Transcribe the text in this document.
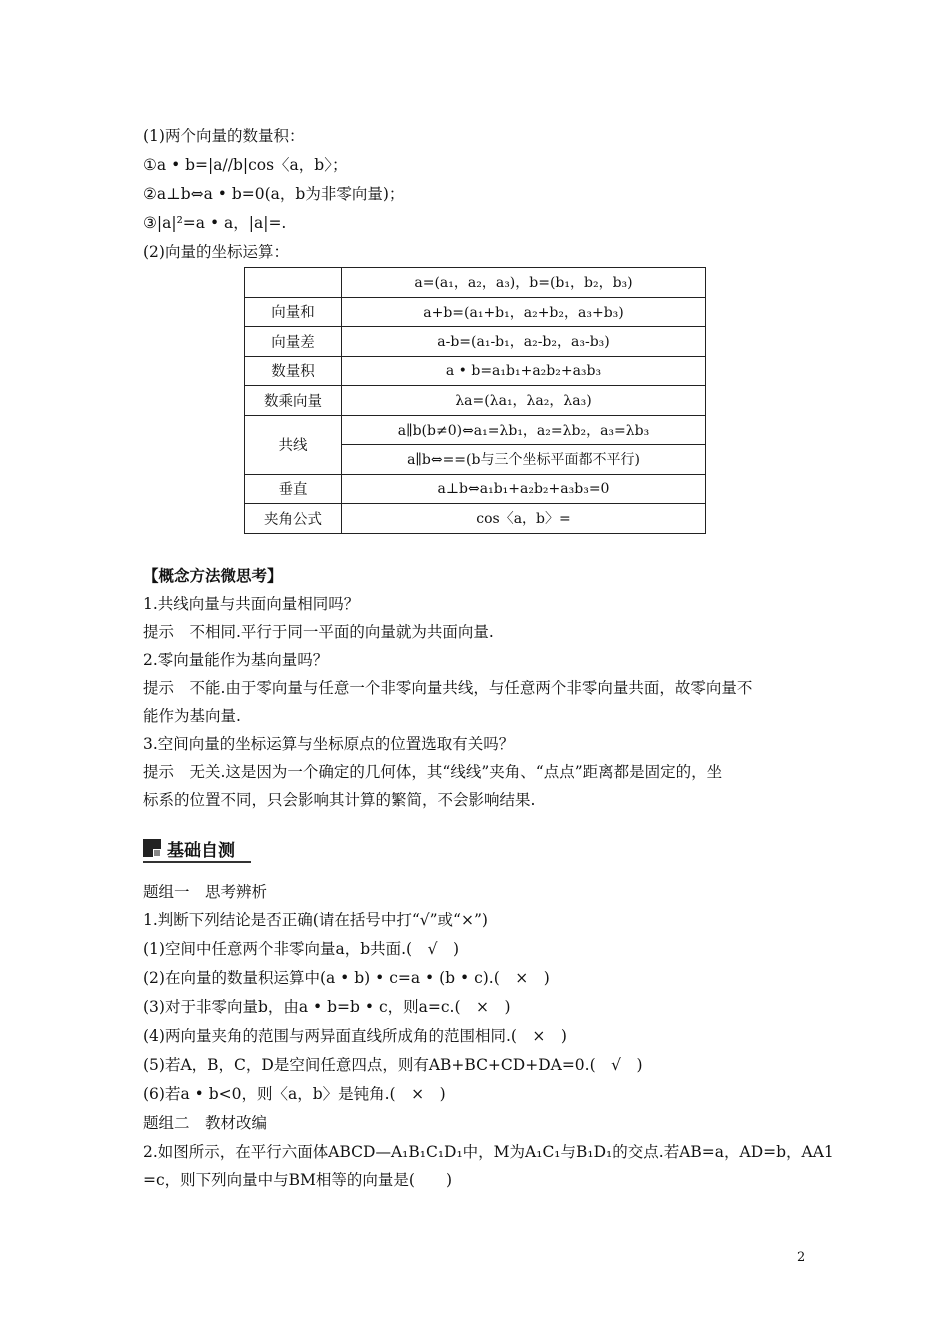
(1)两个向量的数量积：
①a • b=|a//b|cos〈a，b〉；
②a⊥b⇔a • b=0(a，b为非零向量)；
③|a|²=a • a，|a|=.
(2)向量的坐标运算：
	a=(a₁，a₂，a₃)，b=(b₁，b₂，b₃)
向量和	a+b=(a₁+b₁，a₂+b₂，a₃+b₃)
向量差	a-b=(a₁-b₁，a₂-b₂，a₃-b₃)
数量积	a • b=a₁b₁+a₂b₂+a₃b₃
数乘向量	λa=(λa₁，λa₂，λa₃)
共线	a∥b(b≠0)⇔a₁=λb₁，a₂=λb₂，a₃=λb₃
	a∥b⇔==(b与三个坐标平面都不平行)
垂直	a⊥b⇔a₁b₁+a₂b₂+a₃b₃=0
夹角公式	cos〈a，b〉=
【概念方法微思考】
1.共线向量与共面向量相同吗？
提示　不相同.平行于同一平面的向量就为共面向量.
2.零向量能作为基向量吗？
提示　不能.由于零向量与任意一个非零向量共线，与任意两个非零向量共面，故零向量不
能作为基向量.
3.空间向量的坐标运算与坐标原点的位置选取有关吗？
提示　无关.这是因为一个确定的几何体，其“线线”夹角、“点点”距离都是固定的，坐
标系的位置不同，只会影响其计算的繁简，不会影响结果.
基础自测
题组一　思考辨析
1.判断下列结论是否正确(请在括号中打“√”或“×”)
(1)空间中任意两个非零向量a，b共面.(　√　)
(2)在向量的数量积运算中(a • b) • c=a • (b • c).(　×　)
(3)对于非零向量b，由a • b=b • c，则a=c.(　×　)
(4)两向量夹角的范围与两异面直线所成角的范围相同.(　×　)
(5)若A，B，C，D是空间任意四点，则有AB+BC+CD+DA=0.(　√　)
(6)若a • b<0，则〈a，b〉是钝角.(　×　)
题组二　教材改编
2.如图所示，在平行六面体ABCD—A₁B₁C₁D₁中，M为A₁C₁与B₁D₁的交点.若AB=a，AD=b，AA1
=c，则下列向量中与BM相等的向量是(　　)
2
